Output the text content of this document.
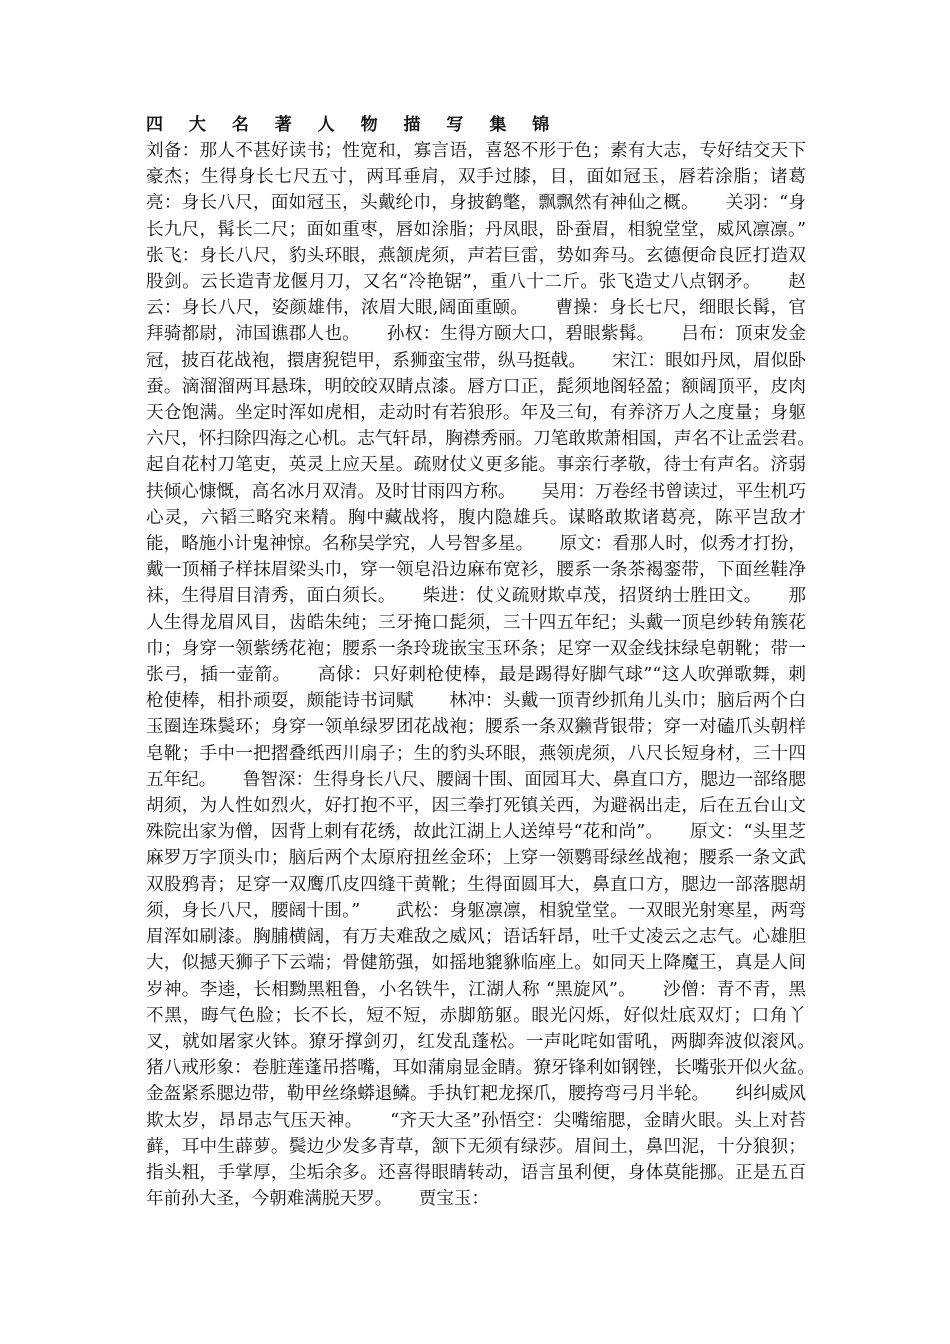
四 大 名 著 人 物 描 写 集 锦

刘备：那人不甚好读书；性宽和，寡言语，喜怒不形于色；素有大志，专好结交天下豪杰；生得身长七尺五寸，两耳垂肩，双手过膝，目，面如冠玉，唇若涂脂；诸葛亮：身长八尺，面如冠玉，头戴纶巾，身披鹤氅，飘飘然有神仙之概。　　关羽：“身长九尺，髯长二尺；面如重枣，唇如涂脂；丹凤眼，卧蚕眉，相貌堂堂，威风凛凛。”　　张飞：身长八尺，豹头环眼，燕颔虎须，声若巨雷，势如奔马。玄德便命良匠打造双股剑。云长造青龙偃月刀，又名“冷艳锯”，重八十二斤。张飞造丈八点钢矛。　　赵云：身长八尺，姿颜雄伟，浓眉大眼,阔面重颐。　　曹操：身长七尺，细眼长髯，官拜骑都尉，沛国谯郡人也。　　孙权：生得方颐大口，碧眼紫髯。　　吕布：顶束发金冠，披百花战袍，擐唐猊铠甲，系狮蛮宝带，纵马挺戟。　　宋江：眼如丹凤，眉似卧蚕。滴溜溜两耳悬珠，明皎皎双睛点漆。唇方口正，髭须地阁轻盈；额阔顶平，皮肉天仓饱满。坐定时浑如虎相，走动时有若狼形。年及三旬，有养济万人之度量；身躯六尺，怀扫除四海之心机。志气轩昂，胸襟秀丽。刀笔敢欺萧相国，声名不让孟尝君。　　起自花村刀笔吏，英灵上应天星。疏财仗义更多能。事亲行孝敬，待士有声名。济弱扶倾心慷慨，高名冰月双清。及时甘雨四方称。　　吴用：万卷经书曾读过，平生机巧心灵，六韬三略究来精。胸中藏战将，腹内隐雄兵。谋略敢欺诸葛亮，陈平岂敌才能，略施小计鬼神惊。名称吴学究，人号智多星。　　原文：看那人时，似秀才打扮，戴一顶桶子样抹眉梁头巾，穿一领皂沿边麻布宽衫，腰系一条茶褐銮带，下面丝鞋净袜，生得眉目清秀，面白须长。　　柴进：仗义疏财欺卓茂，招贤纳士胜田文。　　那人生得龙眉风目，齿皓朱纯；三牙掩口髭须，三十四五年纪；头戴一顶皂纱转角簇花巾；身穿一领紫绣花袍；腰系一条玲珑嵌宝玉环条；足穿一双金线抹绿皂朝靴；带一张弓，插一壶箭。　　高俅：只好刺枪使棒，最是踢得好脚气球”“这人吹弹歌舞，刺枪使棒，相扑顽耍，颇能诗书词赋　　林冲：头戴一顶青纱抓角儿头巾；脑后两个白玉圈连珠鬓环；身穿一领单绿罗团花战袍；腰系一条双獭背银带；穿一对磕爪头朝样皂靴；手中一把摺叠纸西川扇子；生的豹头环眼，燕领虎须，八尺长短身材，三十四五年纪。　　鲁智深：生得身长八尺、腰阔十围、面园耳大、鼻直口方，腮边一部络腮胡须，为人性如烈火，好打抱不平，因三拳打死镇关西，为避祸出走，后在五台山文殊院出家为僧，因背上刺有花绣，故此江湖上人送绰号“花和尚”。　　原文：“头里芝麻罗万字顶头巾；脑后两个太原府扭丝金环；上穿一领鹦哥绿丝战袍；腰系一条文武双股鸦青；足穿一双鹰爪皮四缝干黄靴；生得面圆耳大，鼻直口方，腮边一部落腮胡须，身长八尺，腰阔十围。”　　武松：身躯凛凛，相貌堂堂。一双眼光射寒星，两弯眉浑如刷漆。胸脯横阔，有万夫难敌之威风；语话轩昂，吐千丈凌云之志气。心雄胆大，似撼天狮子下云端；骨健筋强，如摇地貔貅临座上。如同天上降魔王，真是人间岁神。李逵，长相黝黑粗鲁，小名铁牛，江湖人称 “黑旋风”。　　沙僧：青不青，黑不黑，晦气色脸；长不长，短不短，赤脚筋躯。眼光闪烁，好似灶底双灯；口角丫叉，就如屠家火钵。獠牙撑剑刃，红发乱蓬松。一声叱咤如雷吼，两脚奔波似滚风。　　猪八戒形象：卷脏莲蓬吊搭嘴，耳如蒲扇显金睛。獠牙锋利如钢锉，长嘴张开似火盆。　　金盔紧系腮边带，勒甲丝绦蟒退鳞。手执钉耙龙探爪，腰挎弯弓月半轮。　　纠纠威风欺太岁，昂昂志气压天神。　　“齐天大圣”孙悟空：尖嘴缩腮，金睛火眼。头上对苔藓，耳中生薜萝。鬓边少发多青草，颔下无须有绿莎。眉间土，鼻凹泥，十分狼狈；指头粗，手掌厚，尘垢余多。还喜得眼睛转动，语言虽利便，身体莫能挪。正是五百年前孙大圣，今朝难满脱天罗。　　贾宝玉：
